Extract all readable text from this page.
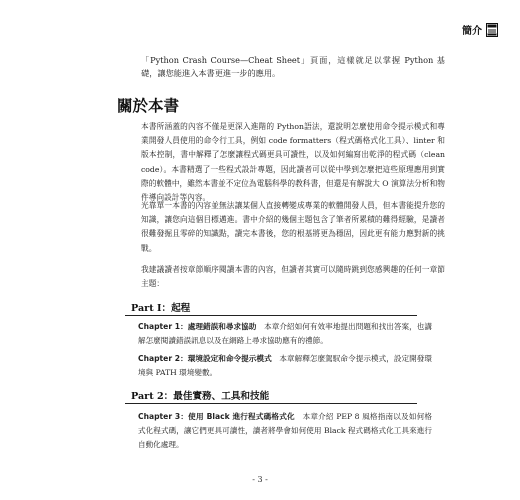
簡介

「Python Crash Course—Cheat Sheet」頁面，這樣就足以掌握 Python 基礎，讓您能進入本書更進一步的應用。

關於本書

本書所涵蓋的內容不僅是更深入進階的 Python語法，還說明怎麼使用命令提示模式和專業開發人員使用的命令行工具，例如 code formatters（程式碼格式化工具）、linter 和版本控制，書中解釋了怎麼讓程式碼更具可讀性，以及如何編寫出乾淨的程式碼（clean code）。本書精選了一些程式設計專題，因此讀者可以從中學到怎麼把這些原理應用到實際的軟體中，雖然本書並不定位為電腦科學的教科書，但還是有解說大 O 演算法分析和物件導向設計等內容。

光靠單一本書的內容並無法讓某個人直接轉變成專業的軟體開發人員，但本書能提升您的知識，讓您向這個目標邁進。書中介紹的幾個主題包含了筆者所累積的難得經驗，是讀者很難發掘且零碎的知識點，讀完本書後，您的根基將更為穩固，因此更有能力應對新的挑戰。

我建議讀者按章節順序閱讀本書的內容，但讀者其實可以隨時跳到您感興趣的任何一章節主題：

Part I：起程

Chapter 1：處理錯誤和尋求協助　本章介紹如何有效率地提出問題和找出答案，也講解怎麼閱讀錯誤訊息以及在網路上尋求協助應有的禮節。

Chapter 2：環境設定和命令提示模式　本章解釋怎麼駕馭命令提示模式，設定開發環境與 PATH 環境變數。

Part 2：最佳實務、工具和技能

Chapter 3：使用 Black 進行程式碼格式化　本章介紹 PEP 8 風格指南以及如何格式化程式碼，讓它們更具可讀性，讀者將學會如何使用 Black 程式碼格式化工具來進行自動化處理。

- 3 -
